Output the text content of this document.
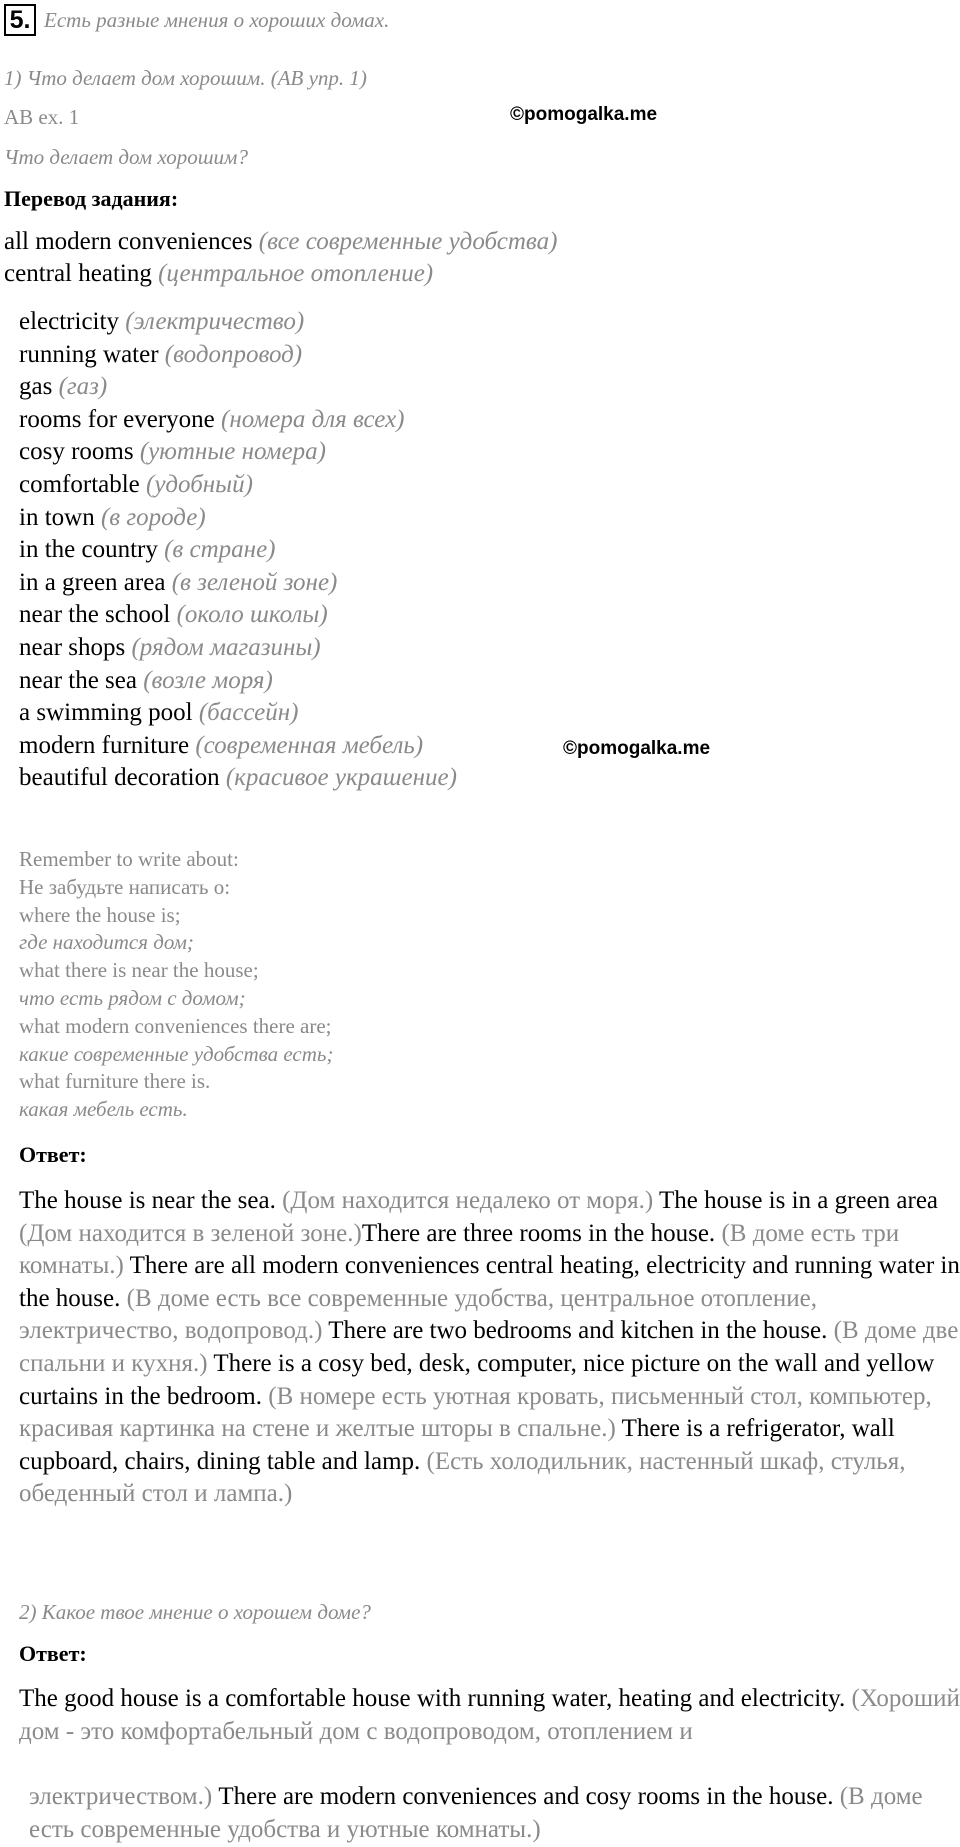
5. Есть разные мнения о хороших домах.
1) Что делает дом хорошим. (АВ упр. 1)
AB ex. 1	©pomogalka.me
Что делает дом хорошим?
Перевод задания:
all modern conveniences (все современные удобства)
central heating (центральное отопление)
electricity (электричество)
running water (водопровод)
gas (газ)
rooms for everyone (номера для всех)
cosy rooms (уютные номера)
comfortable (удобный)
in town (в городе)
in the country (в стране)
in a green area (в зеленой зоне)
near the school (около школы)
near shops (рядом магазины)
near the sea (возле моря)
a swimming pool (бассейн)
modern furniture (современная мебель)
beautiful decoration (красивое украшение)
©pomogalka.me
Remember to write about:
Не забудьте написать о:
where the house is;
где находится дом;
what there is near the house;
что есть рядом с домом;
what modern conveniences there are;
какие современные удобства есть;
what furniture there is.
какая мебель есть.
Ответ:
The house is near the sea. (Дом находится недалеко от моря.) The house is in a green area (Дом находится в зеленой зоне.)There are three rooms in the house. (В доме есть три комнаты.) There are all modern conveniences central heating, electricity and running water in the house. (В доме есть все современные удобства, центральное отопление, электричество, водопровод.) There are two bedrooms and kitchen in the house. (В доме две спальни и кухня.) There is a cosy bed, desk, computer, nice picture on the wall and yellow curtains in the bedroom. (В номере есть уютная кровать, письменный стол, компьютер, красивая картинка на стене и желтые шторы в спальне.) There is a refrigerator, wall cupboard, chairs, dining table and lamp. (Есть холодильник, настенный шкаф, стулья, обеденный стол и лампа.)
2) Какое твое мнение о хорошем доме?
Ответ:
The good house is a comfortable house with running water, heating and electricity. (Хороший дом - это комфортабельный дом с водопроводом, отоплением и
электричеством.) There are modern conveniences and cosy rooms in the house. (В доме есть современные удобства и уютные комнаты.)
